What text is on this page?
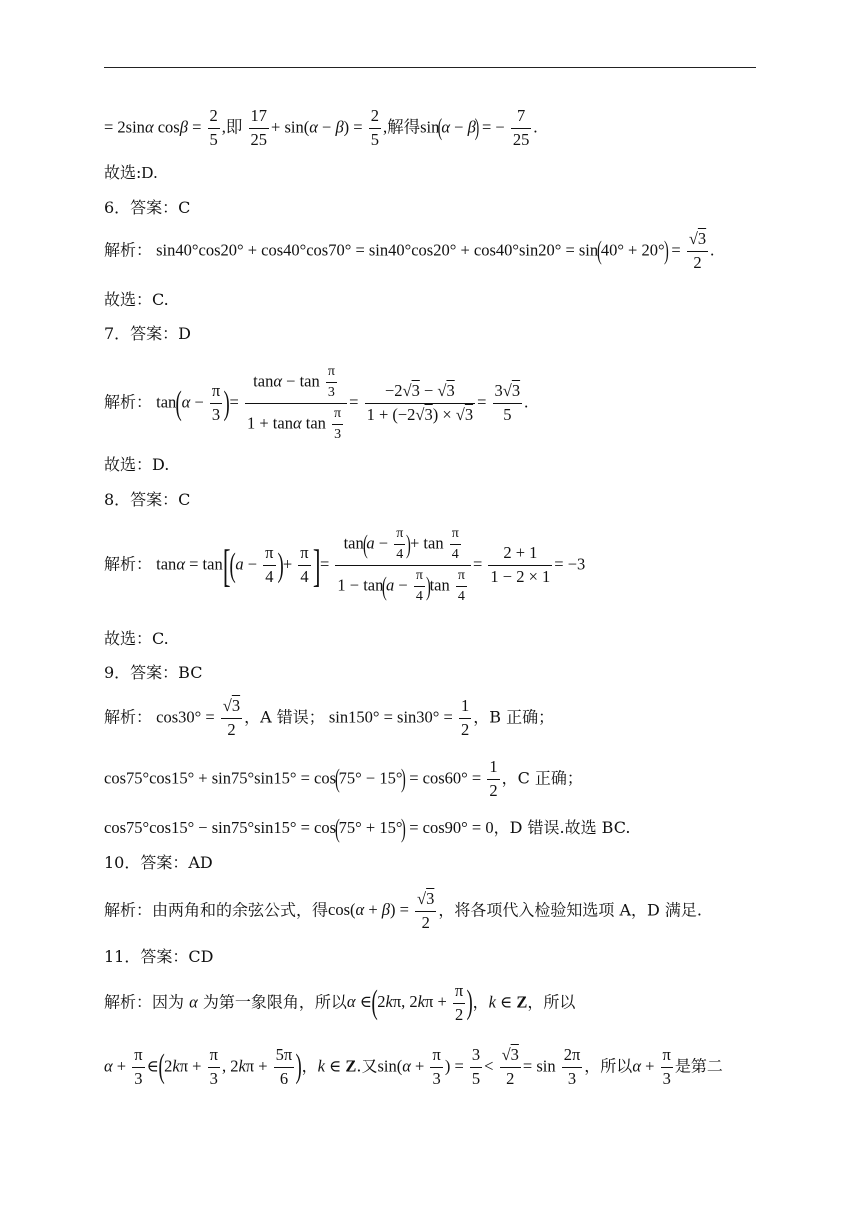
= 2sinα $\cos\beta = \frac{2}{5}$ ,即 $\frac{17}{25} + \sin(\alpha - \beta) = \frac{2}{5}$ ,解得sin(α − β) = − $\frac{7}{25}$ .
故选:D.
6．答案：C
解析： $\sin 40^\circ\cos 20^\circ + \cos 40^\circ\cos 70^\circ = \sin 40^\circ\cos 20^\circ + \cos 40^\circ\sin 20^\circ = \sin(40^\circ + 20^\circ) = \frac{√3}{2}$ .
故选：C.
7．答案：D
解析： $\tan(\alpha - \frac{\pi}{3}$ )= $\frac{\tan\alpha - \tan \frac{\pi}{3}}{1 + \tan\alpha \tan \frac{\pi}{3}} = \frac{-2√3 - √3}{1 + (-2√3) \times √3} = \frac{3√3}{5}$ .
故选：D.
8．答案：C
解析： $\tan\alpha = \tan[(a - \frac{\pi}{4}$ )+ $\frac{\pi}{4}$ ]= $\frac{\tan(a - \frac{\pi}{4} )+ \tan \frac{\pi}{4}}{1 - \tan(a - \frac{\pi}{4} )\tan \frac{\pi}{4}} = \frac{2 + 1}{1 - 2 \times 1} = -3$
故选：C.
9．答案：BC
解析： $\cos 30^\circ = \frac{√3}{2}$ ，A 错误； $\sin 150^\circ = \sin 30^\circ = \frac{1}{2}$ ，B 正确；
$\cos 75^\circ\cos 15^\circ + \sin 75^\circ\sin 15^\circ = \cos(75^\circ - 15^\circ) = \cos 60^\circ = \frac{1}{2}$ ，C 正确；
cos75°cos15° − sin75°sin15° = cos(75° + 15°) = cos90° = 0，D 错误.故选 BC.
10．答案：AD
解析：由两角和的余弦公式，得$\cos(\alpha + \beta) = \frac{√3}{2}$ ，将各项代入检验知选项 A，D 满足.
11．答案：CD
解析：因为 α 为第一象限角，所以α ∈(2kπ, $2k\pi + \frac{\pi}{2}$ )，k ∈ Z，所以
$\alpha + \frac{\pi}{3}$ ∈(2kπ + $\frac{\pi}{3}$ , $2k\pi + \frac{5\pi}{6}$ )，k ∈ Z.又$\sin(\alpha + \frac{\pi}{3}$ ) = $\frac{3}{5} < \frac{√3}{2} = \sin \frac{2\pi}{3}$ ，所以$\alpha + \frac{\pi}{3}$ 是第二
